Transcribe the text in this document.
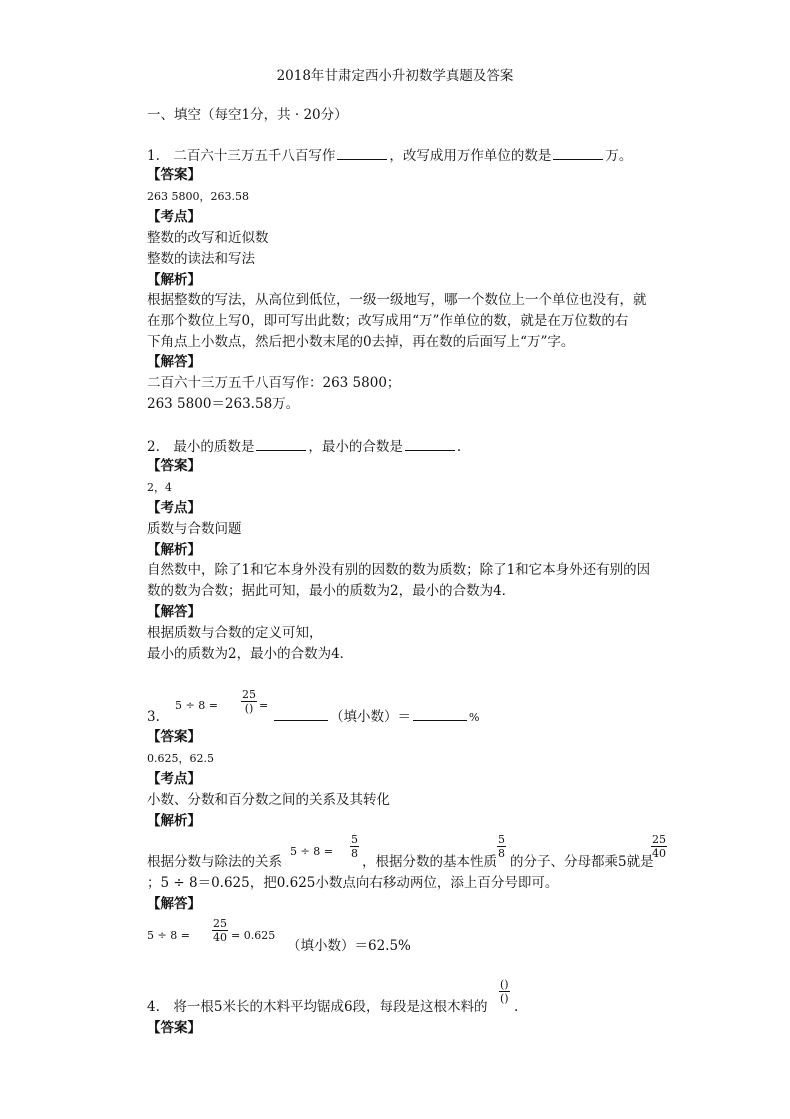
2018年甘肃定西小升初数学真题及答案
一、填空（每空1分，共 · 20分）
1.　二百六十三万五千八百写作	，改写成用万作单位的数是	万。
【答案】
263 5800，263.58
【考点】
整数的改写和近似数
整数的读法和写法
【解析】
根据整数的写法，从高位到低位，一级一级地写，哪一个数位上一个单位也没有，就
在那个数位上写0，即可写出此数；改写成用“万”作单位的数，就是在万位数的右
下角点上小数点，然后把小数末尾的0去掉，再在数的后面写上“万”字。
【解答】
二百六十三万五千八百写作：263 5800；
263 5800＝263.58万。
2.　最小的质数是	，最小的合数是	.
【答案】
2，4
【考点】
质数与合数问题
【解析】
自然数中，除了1和它本身外没有别的因数的数为质数；除了1和它本身外还有别的因
数的数为合数；据此可知，最小的质数为2，最小的合数为4．
【解答】
根据质数与合数的定义可知，
最小的质数为2，最小的合数为4．
3.
5 ÷ 8 =
25
() =
（填小数）＝	%
【答案】
0.625，62.5
【考点】
小数、分数和百分数之间的关系及其转化
【解析】
根据分数与除法的关系
$5 \div 8 = \frac{5}{8}$
，根据分数的基本性质
$\frac{5}{8}$
的分子、分母都乘5就是
$\frac{25}{40}$
；5 ÷ 8＝0.625，把0.625小数点向右移动两位，添上百分号即可。
【解答】
$5 \div 8 = \frac{25}{40} = 0.625$
（填小数）＝62.5%
4.　将一根5米长的木料平均锯成6段，每段是这根木料的
()
()
.
【答案】
